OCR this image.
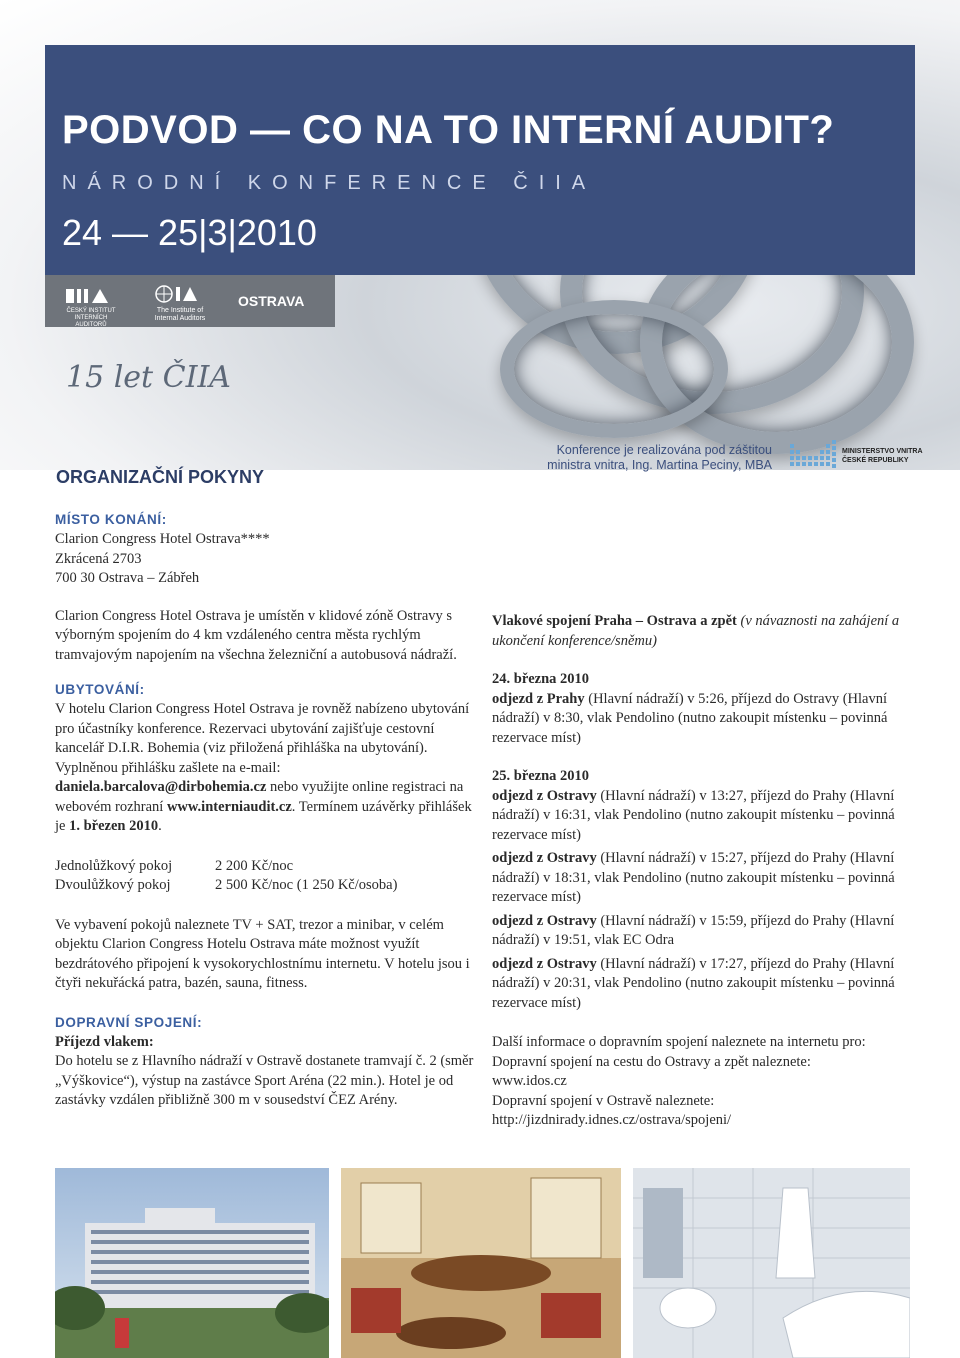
PODVOD — CO NA TO INTERNÍ AUDIT?
NÁRODNÍ KONFERENCE ČIIA
24 — 25|3|2010
ČESKÝ INSTITUT INTERNÍCH AUDITORŮ
The Institute of Internal Auditors
OSTRAVA
15 let ČIIA
Konference je realizována pod záštitou
ministra vnitra, Ing. Martina Peciny, MBA
MINISTERSTVO VNITRA
ČESKÉ REPUBLIKY
ORGANIZAČNÍ POKYNY

MÍSTO KONÁNÍ:

Clarion Congress Hotel Ostrava****

Zkrácená 2703

700 30 Ostrava – Zábřeh

Clarion Congress Hotel Ostrava je umístěn v klidové zóně Ostravy s výborným spojením do 4 km vzdáleného centra města rychlým tramvajovým napojením na všechna železniční a autobusová nádraží.

UBYTOVÁNÍ:

V hotelu Clarion Congress Hotel Ostrava je rovněž nabízeno ubytování pro účastníky konference. Rezervaci ubytování zajišťuje cestovní kancelář D.I.R. Bohemia (viz přiložená přihláška na ubytování). Vyplněnou přihlášku zašlete na e-mail: daniela.barcalova@dirbohemia.cz nebo využijte online registraci na webovém rozhraní www.interniaudit.cz. Termínem uzávěrky přihlášek je 1. březen 2010.

Jednolůžkový pokoj	2 200 Kč/noc
Dvoulůžkový pokoj	2 500 Kč/noc (1 250 Kč/osoba)

Ve vybavení pokojů naleznete TV + SAT, trezor a minibar, v celém objektu Clarion Congress Hotelu Ostrava máte možnost využít bezdrátového připojení k vysokorychlostnímu internetu. V hotelu jsou i čtyři nekuřácká patra, bazén, sauna, fitness.

DOPRAVNÍ SPOJENÍ:

Příjezd vlakem:

Do hotelu se z Hlavního nádraží v Ostravě dostanete tramvají č. 2 (směr „Výškovice“), výstup na zastávce Sport Aréna (22 min.). Hotel je od zastávky vzdálen přibližně 300 m v sousedství ČEZ Arény.

Vlakové spojení Praha – Ostrava a zpět (v návaznosti na zahájení a ukončení konference/sněmu)

24. března 2010

odjezd z Prahy (Hlavní nádraží) v 5:26, příjezd do Ostravy (Hlavní nádraží) v 8:30, vlak Pendolino (nutno zakoupit místenku – povinná rezervace míst)

25. března 2010

odjezd z Ostravy (Hlavní nádraží) v 13:27, příjezd do Prahy (Hlavní nádraží) v 16:31, vlak Pendolino (nutno zakoupit místenku – povinná rezervace míst)

odjezd z Ostravy (Hlavní nádraží) v 15:27, příjezd do Prahy (Hlavní nádraží) v 18:31, vlak Pendolino (nutno zakoupit místenku – povinná rezervace míst)

odjezd z Ostravy (Hlavní nádraží) v 15:59, příjezd do Prahy (Hlavní nádraží) v 19:51, vlak EC Odra

odjezd z Ostravy (Hlavní nádraží) v 17:27, příjezd do Prahy (Hlavní nádraží) v 20:31, vlak Pendolino (nutno zakoupit místenku – povinná rezervace míst)

Další informace o dopravním spojení naleznete na internetu pro:

Dopravní spojení na cestu do Ostravy a zpět naleznete:

www.idos.cz

Dopravní spojení v Ostravě naleznete:

http://jizdnirady.idnes.cz/ostrava/spojeni/
